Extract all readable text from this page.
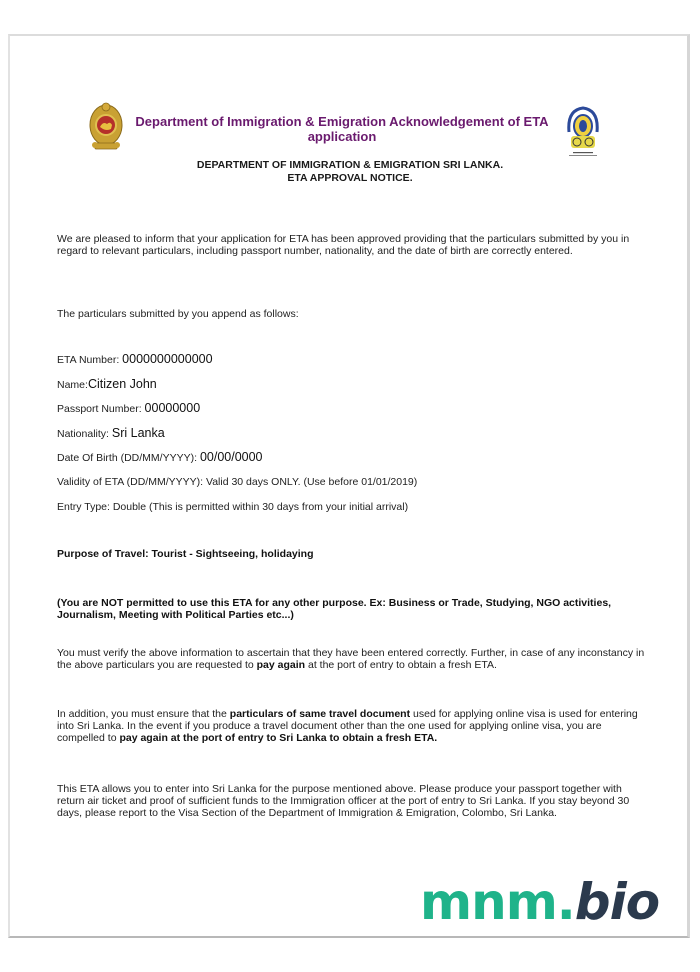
Department of Immigration & Emigration Acknowledgement of ETA application
DEPARTMENT OF IMMIGRATION & EMIGRATION SRI LANKA.
ETA APPROVAL NOTICE.
We are pleased to inform that your application for ETA has been approved providing that the particulars submitted by you in regard to relevant particulars, including passport number, nationality, and the date of birth are correctly entered.
The particulars submitted by you append as follows:
ETA Number: 0000000000000
Name:Citizen John
Passport Number: 00000000
Nationality: Sri Lanka
Date Of Birth (DD/MM/YYYY): 00/00/0000
Validity of ETA (DD/MM/YYYY): Valid 30 days ONLY. (Use before 01/01/2019)
Entry Type: Double (This is permitted within 30 days from your initial arrival)
Purpose of Travel: Tourist - Sightseeing, holidaying
(You are NOT permitted to use this ETA for any other purpose. Ex: Business or Trade, Studying, NGO activities, Journalism, Meeting with Political Parties etc...)
You must verify the above information to ascertain that they have been entered correctly. Further, in case of any inconstancy in the above particulars you are requested to pay again at the port of entry to obtain a fresh ETA.
In addition, you must ensure that the particulars of same travel document used for applying online visa is used for entering into Sri Lanka. In the event if you produce a travel document other than the one used for applying online visa, you are compelled to pay again at the port of entry to Sri Lanka to obtain a fresh ETA.
This ETA allows you to enter into Sri Lanka for the purpose mentioned above. Please produce your passport together with return air ticket and proof of sufficient funds to the Immigration officer at the port of entry to Sri Lanka. If you stay beyond 30 days, please report to the Visa Section of the Department of Immigration & Emigration, Colombo, Sri Lanka.
mnm.bio
